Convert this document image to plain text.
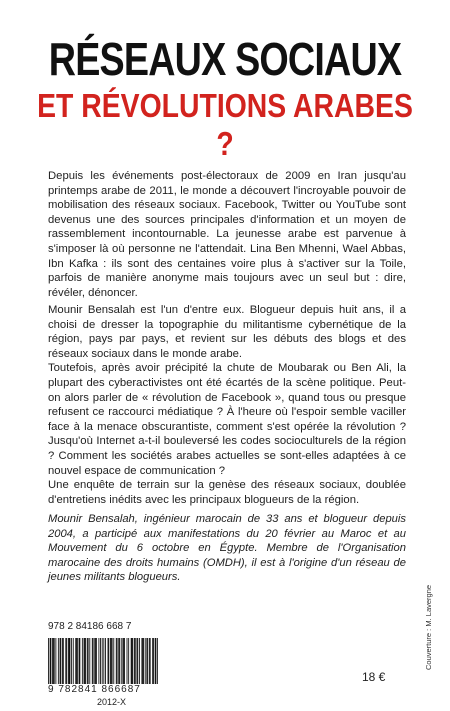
RÉSEAUX SOCIAUX
ET RÉVOLUTIONS ARABES ?
Depuis les événements post-électoraux de 2009 en Iran jusqu'au printemps arabe de 2011, le monde a découvert l'incroyable pouvoir de mobilisation des réseaux sociaux. Facebook, Twitter ou YouTube sont devenus une des sources principales d'information et un moyen de rassemblement incontournable. La jeunesse arabe est parvenue à s'imposer là où personne ne l'attendait. Lina Ben Mhenni, Wael Abbas, Ibn Kafka : ils sont des centaines voire plus à s'activer sur la Toile, parfois de manière anonyme mais toujours avec un seul but : dire, révéler, dénoncer.
Mounir Bensalah est l'un d'entre eux. Blogueur depuis huit ans, il a choisi de dresser la topographie du militantisme cybernétique de la région, pays par pays, et revient sur les débuts des blogs et des réseaux sociaux dans le monde arabe.
Toutefois, après avoir précipité la chute de Moubarak ou Ben Ali, la plupart des cyberactivistes ont été écartés de la scène politique. Peut-on alors parler de « révolution de Facebook », quand tous ou presque refusent ce raccourci médiatique ? À l'heure où l'espoir semble vaciller face à la menace obscurantiste, comment s'est opérée la révolution ? Jusqu'où Internet a-t-il bouleversé les codes socioculturels de la région ? Comment les sociétés arabes actuelles se sont-elles adaptées à ce nouvel espace de communication ?
Une enquête de terrain sur la genèse des réseaux sociaux, doublée d'entretiens inédits avec les principaux blogueurs de la région.
Mounir Bensalah, ingénieur marocain de 33 ans et blogueur depuis 2004, a participé aux manifestations du 20 février au Maroc et au Mouvement du 6 octobre en Égypte. Membre de l'Organisation marocaine des droits humains (OMDH), il est à l'origine d'un réseau de jeunes militants blogueurs.
978 2 84186 668 7
9 782841 866687
2012-X
18 €
Couverture : M. Lavergne
